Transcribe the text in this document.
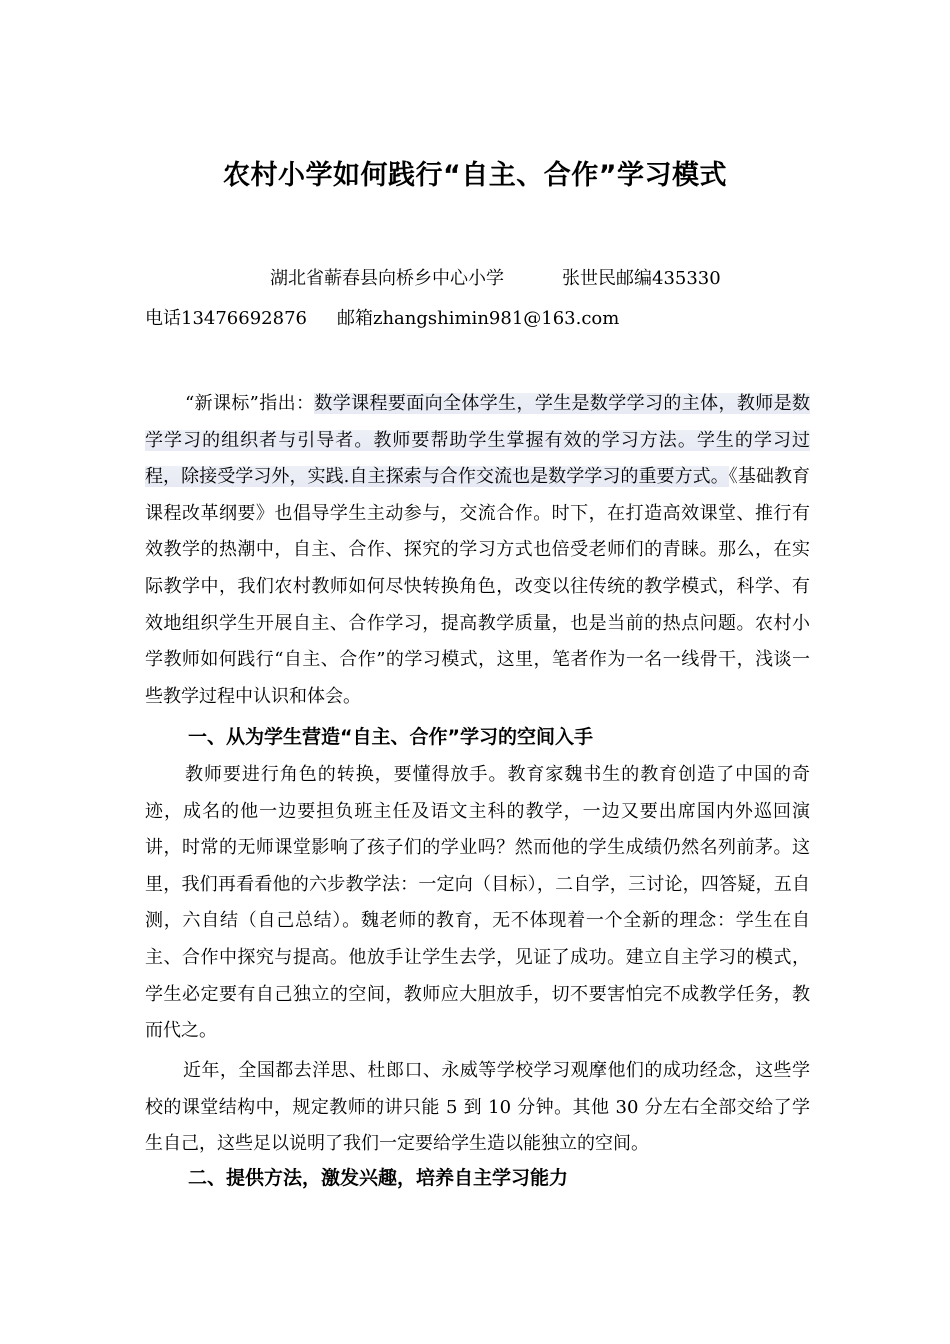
农村小学如何践行“自主、合作”学习模式
湖北省蕲春县向桥乡中心小学	张世民邮编435330
电话13476692876 邮箱zhangshimin981@163.com

“新课标”指出：数学课程要面向全体学生，学生是数学学习的主体，教师是数学学习的组织者与引导者。教师要帮助学生掌握有效的学习方法。学生的学习过程，除接受学习外，实践.自主探索与合作交流也是数学学习的重要方式。《基础教育课程改革纲要》也倡导学生主动参与，交流合作。时下，在打造高效课堂、推行有效教学的热潮中，自主、合作、探究的学习方式也倍受老师们的青睐。那么，在实际教学中，我们农村教师如何尽快转换角色，改变以往传统的教学模式，科学、有效地组织学生开展自主、合作学习，提高教学质量，也是当前的热点问题。农村小学教师如何践行“自主、合作”的学习模式，这里，笔者作为一名一线骨干，浅谈一些教学过程中认识和体会。

一、从为学生营造“自主、合作”学习的空间入手

教师要进行角色的转换，要懂得放手。教育家魏书生的教育创造了中国的奇迹，成名的他一边要担负班主任及语文主科的教学，一边又要出席国内外巡回演讲，时常的无师课堂影响了孩子们的学业吗？然而他的学生成绩仍然名列前茅。这里，我们再看看他的六步教学法：一定向（目标），二自学，三讨论，四答疑，五自测，六自结（自己总结）。魏老师的教育，无不体现着一个全新的理念：学生在自主、合作中探究与提高。他放手让学生去学，见证了成功。建立自主学习的模式，学生必定要有自己独立的空间，教师应大胆放手，切不要害怕完不成教学任务，教而代之。

近年，全国都去洋思、杜郎口、永威等学校学习观摩他们的成功经念，这些学校的课堂结构中，规定教师的讲只能 5 到 10 分钟。其他 30 分左右全部交给了学生自己，这些足以说明了我们一定要给学生造以能独立的空间。

二、提供方法，激发兴趣，培养自主学习能力
